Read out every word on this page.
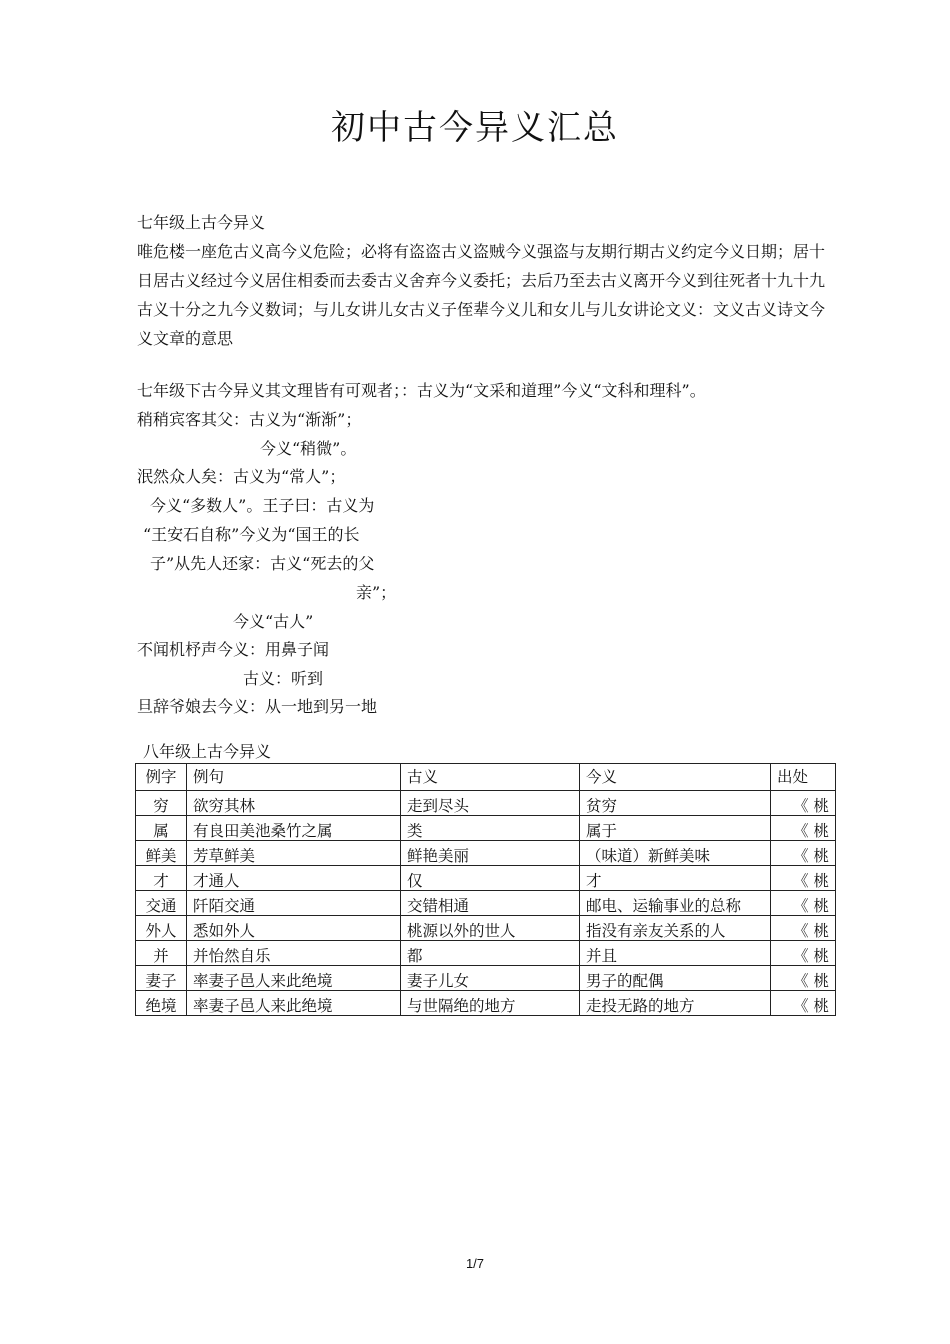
初中古今异义汇总

七年级上古今异义

唯危楼一座危古义高今义危险；必将有盗盗古义盗贼今义强盗与友期行期古义约定今义日期；居十日居古义经过今义居住相委而去委古义舍弃今义委托；去后乃至去古义离开今义到往死者十九十九古义十分之九今义数词；与儿女讲儿女古义子侄辈今义儿和女儿与儿女讲论文义：文义古义诗文今义文章的意思

七年级下古今异义其文理皆有可观者；：古义为“文采和道理”今义“文科和理科”。
稍稍宾客其父：古义为“渐渐”；
今义“稍微”。
泯然众人矣：古义为“常人”；
今义“多数人”。王子曰：古义为
“王安石自称”今义为“国王的长
子”从先人还家：古义“死去的父
亲”；
今义“古人”
不闻机杼声今义：用鼻子闻
古义：听到
旦辞爷娘去今义：从一地到另一地
八年级上古今异义
例字	例句	古义	今义	出处
穷	欲穷其林	走到尽头	贫穷	《 桃
属	有良田美池桑竹之属	类	属于	《 桃
鲜美	芳草鲜美	鲜艳美丽	（味道）新鲜美味	《 桃
才	才通人	仅	才	《 桃
交通	阡陌交通	交错相通	邮电、运输事业的总称	《 桃
外人	悉如外人	桃源以外的世人	指没有亲友关系的人	《 桃
并	并怡然自乐	都	并且	《 桃
妻子	率妻子邑人来此绝境	妻子儿女	男子的配偶	《 桃
绝境	率妻子邑人来此绝境	与世隔绝的地方	走投无路的地方	《 桃
1/7
